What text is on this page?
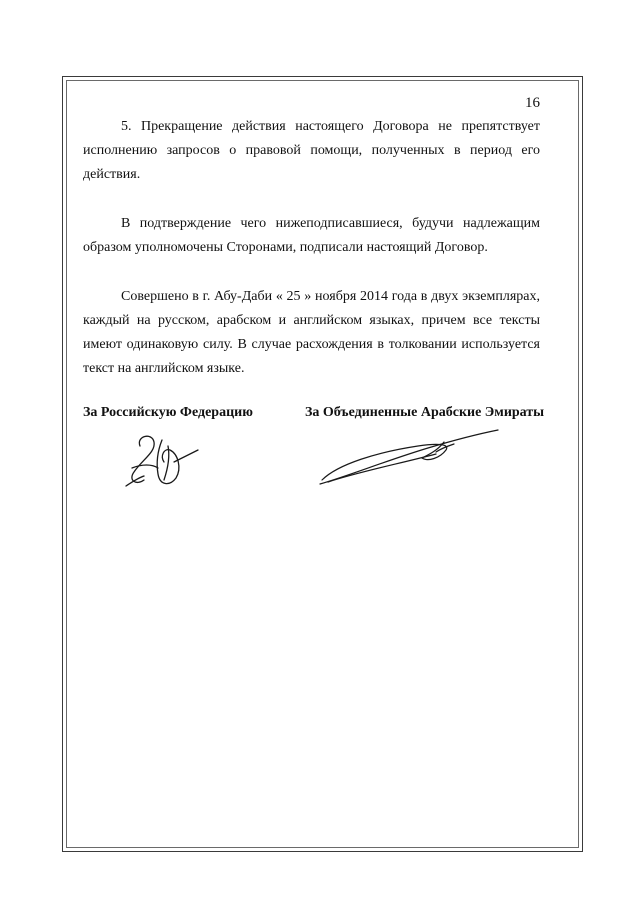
16

5. Прекращение действия настоящего Договора не препятствует исполнению запросов о правовой помощи, полученных в период его действия.

В подтверждение чего нижеподписавшиеся, будучи надлежащим образом уполномочены Сторонами, подписали настоящий Договор.

Совершено в г. Абу-Даби « 25 » ноября 2014 года в двух экземплярах, каждый на русском, арабском и английском языках, причем все тексты имеют одинаковую силу. В случае расхождения в толковании используется текст на английском языке.

За Российскую Федерацию	За Объединенные Арабские Эмираты
